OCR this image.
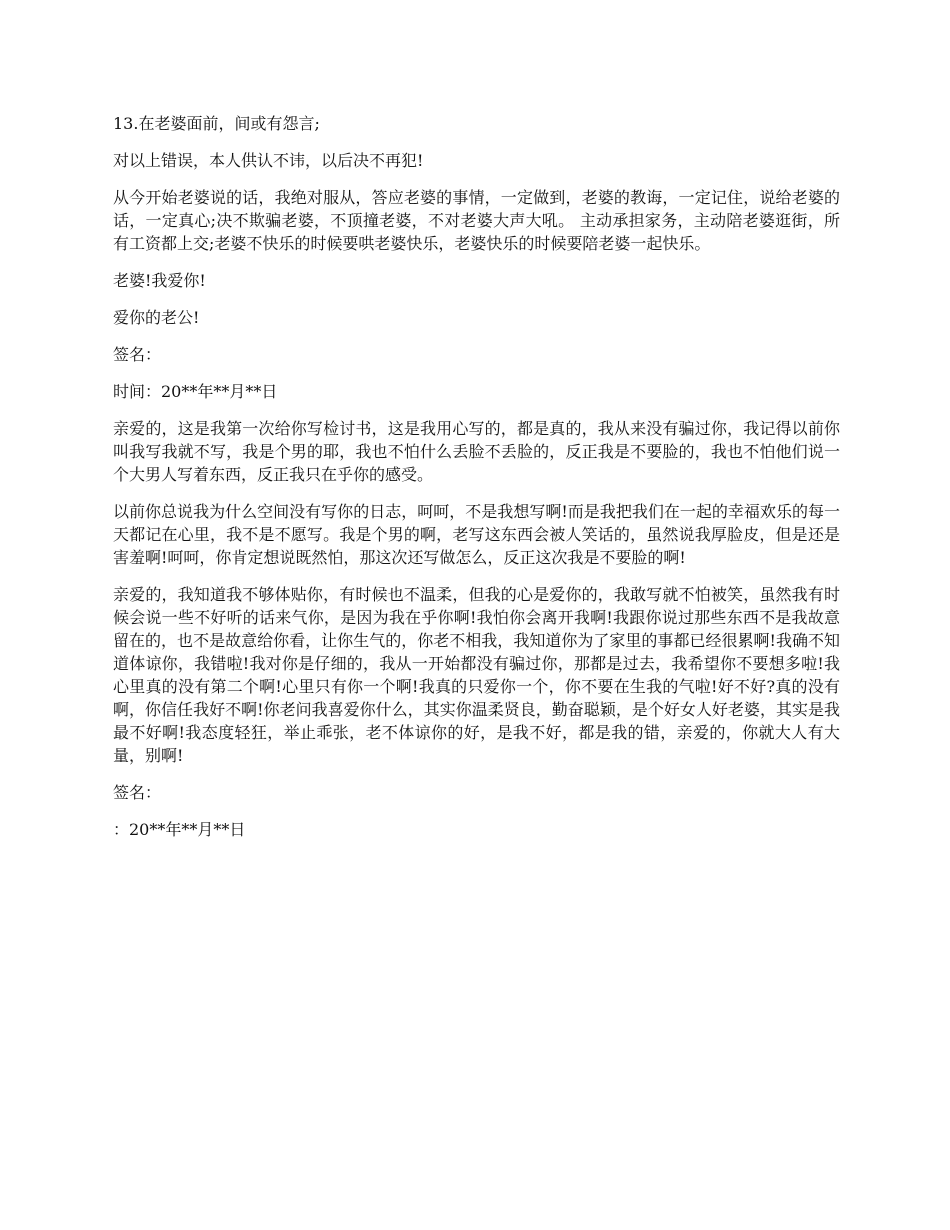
13.在老婆面前，间或有怨言;

对以上错误，本人供认不讳，以后决不再犯!

从今开始老婆说的话，我绝对服从，答应老婆的事情，一定做到，老婆的教诲，一定记住，说给老婆的话，一定真心;决不欺骗老婆，不顶撞老婆，不对老婆大声大吼。 主动承担家务，主动陪老婆逛街，所有工资都上交;老婆不快乐的时候要哄老婆快乐，老婆快乐的时候要陪老婆一起快乐。

老婆!我爱你!

爱你的老公!

签名：

时间：20**年**月**日

亲爱的，这是我第一次给你写检讨书，这是我用心写的，都是真的，我从来没有骗过你，我记得以前你叫我写我就不写，我是个男的耶，我也不怕什么丢脸不丢脸的，反正我是不要脸的，我也不怕他们说一个大男人写着东西，反正我只在乎你的感受。

以前你总说我为什么空间没有写你的日志，呵呵，不是我想写啊!而是我把我们在一起的幸福欢乐的每一天都记在心里，我不是不愿写。我是个男的啊，老写这东西会被人笑话的，虽然说我厚脸皮，但是还是害羞啊!呵呵，你肯定想说既然怕，那这次还写做怎么，反正这次我是不要脸的啊!

亲爱的，我知道我不够体贴你，有时候也不温柔，但我的心是爱你的，我敢写就不怕被笑，虽然我有时候会说一些不好听的话来气你，是因为我在乎你啊!我怕你会离开我啊!我跟你说过那些东西不是我故意留在的，也不是故意给你看，让你生气的，你老不相我，我知道你为了家里的事都已经很累啊!我确不知道体谅你，我错啦!我对你是仔细的，我从一开始都没有骗过你，那都是过去，我希望你不要想多啦!我心里真的没有第二个啊!心里只有你一个啊!我真的只爱你一个，你不要在生我的气啦!好不好?真的没有啊，你信任我好不啊!你老问我喜爱你什么，其实你温柔贤良，勤奋聪颖，是个好女人好老婆，其实是我最不好啊!我态度轻狂，举止乖张，老不体谅你的好，是我不好，都是我的错，亲爱的，你就大人有大量，别啊!

签名：

：20**年**月**日
